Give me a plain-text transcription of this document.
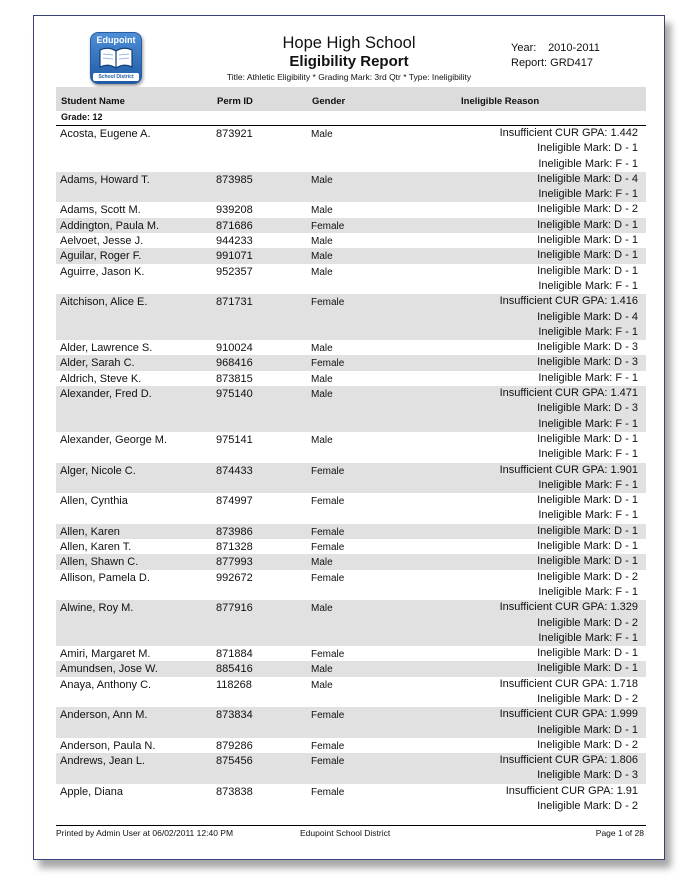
Edupoint
School District
Hope High School
Eligibility Report
Title: Athletic Eligibility * Grading Mark: 3rd Qtr * Type: Ineligibility
Year: 2010-2011
Report: GRD417
Student Name	Perm ID	Gender	Ineligible Reason
Grade: 12
Acosta, Eugene A.	873921	Male	Insufficient CUR GPA: 1.442
Ineligible Mark: D - 1
Ineligible Mark: F - 1
Adams, Howard T.	873985	Male	Ineligible Mark: D - 4
Ineligible Mark: F - 1
Adams, Scott M.	939208	Male	Ineligible Mark: D - 2
Addington, Paula M.	871686	Female	Ineligible Mark: D - 1
Aelvoet, Jesse J.	944233	Male	Ineligible Mark: D - 1
Aguilar, Roger F.	991071	Male	Ineligible Mark: D - 1
Aguirre, Jason K.	952357	Male	Ineligible Mark: D - 1
Ineligible Mark: F - 1
Aitchison, Alice E.	871731	Female	Insufficient CUR GPA: 1.416
Ineligible Mark: D - 4
Ineligible Mark: F - 1
Alder, Lawrence S.	910024	Male	Ineligible Mark: D - 3
Alder, Sarah C.	968416	Female	Ineligible Mark: D - 3
Aldrich, Steve K.	873815	Male	Ineligible Mark: F - 1
Alexander, Fred D.	975140	Male	Insufficient CUR GPA: 1.471
Ineligible Mark: D - 3
Ineligible Mark: F - 1
Alexander, George M.	975141	Male	Ineligible Mark: D - 1
Ineligible Mark: F - 1
Alger, Nicole C.	874433	Female	Insufficient CUR GPA: 1.901
Ineligible Mark: F - 1
Allen, Cynthia	874997	Female	Ineligible Mark: D - 1
Ineligible Mark: F - 1
Allen, Karen	873986	Female	Ineligible Mark: D - 1
Allen, Karen T.	871328	Female	Ineligible Mark: D - 1
Allen, Shawn C.	877993	Male	Ineligible Mark: D - 1
Allison, Pamela D.	992672	Female	Ineligible Mark: D - 2
Ineligible Mark: F - 1
Alwine, Roy M.	877916	Male	Insufficient CUR GPA: 1.329
Ineligible Mark: D - 2
Ineligible Mark: F - 1
Amiri, Margaret M.	871884	Female	Ineligible Mark: D - 1
Amundsen, Jose W.	885416	Male	Ineligible Mark: D - 1
Anaya, Anthony C.	118268	Male	Insufficient CUR GPA: 1.718
Ineligible Mark: D - 2
Anderson, Ann M.	873834	Female	Insufficient CUR GPA: 1.999
Ineligible Mark: D - 1
Anderson, Paula N.	879286	Female	Ineligible Mark: D - 2
Andrews, Jean L.	875456	Female	Insufficient CUR GPA: 1.806
Ineligible Mark: D - 3
Apple, Diana	873838	Female	Insufficient CUR GPA: 1.91
Ineligible Mark: D - 2
Printed by Admin User at 06/02/2011 12:40 PM	Edupoint School District	Page 1 of 28
